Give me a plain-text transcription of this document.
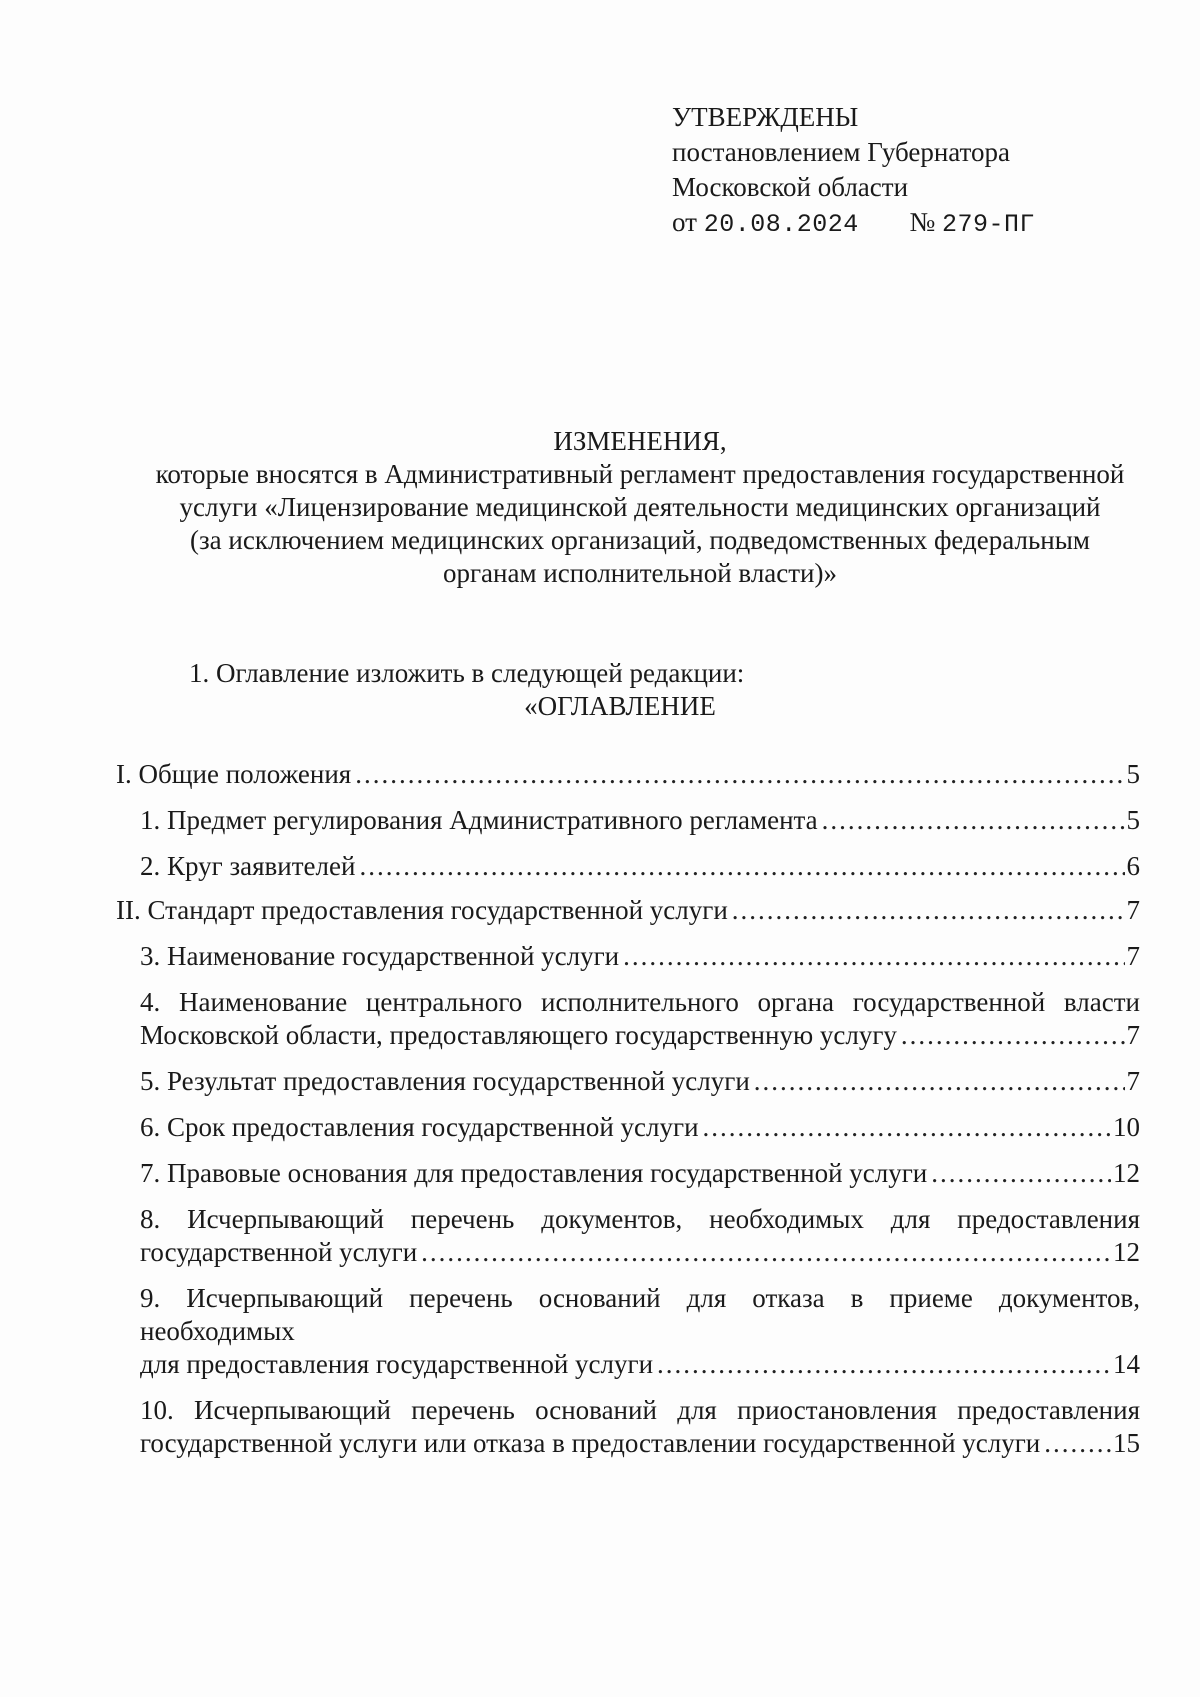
УТВЕРЖДЕНЫ
постановлением Губернатора
Московской области
от 20.08.2024 № 279-ПГ
ИЗМЕНЕНИЯ,
которые вносятся в Административный регламент предоставления государственной
услуги «Лицензирование медицинской деятельности медицинских организаций
(за исключением медицинских организаций, подведомственных федеральным
органам исполнительной власти)»
1. Оглавление изложить в следующей редакции:
«ОГЛАВЛЕНИЕ
I. Общие положения .....	5
1. Предмет регулирования Административного регламента .....	5
2. Круг заявителей .....	6
II. Стандарт предоставления государственной услуги .....	7
3. Наименование государственной услуги .....	7
4. Наименование центрального исполнительного органа государственной власти
Московской области, предоставляющего государственную услугу .....	7
5. Результат предоставления государственной услуги .....	7
6. Срок предоставления государственной услуги .....	10
7. Правовые основания для предоставления государственной услуги .....	12
8. Исчерпывающий перечень документов, необходимых для предоставления
государственной услуги .....	12
9. Исчерпывающий перечень оснований для отказа в приеме документов,
необходимых
для предоставления государственной услуги .....	14
10. Исчерпывающий перечень оснований для приостановления предоставления
государственной услуги или отказа в предоставлении государственной услуги .....	15
